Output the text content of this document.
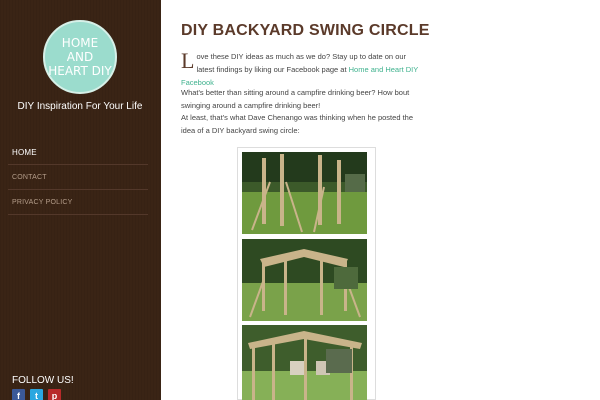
HOME AND HEART DIY
DIY Inspiration For Your Life
HOME
CONTACT
PRIVACY POLICY
FOLLOW US!
f	t	p
DIY BACKYARD SWING CIRCLE
Love these DIY ideas as much as we do? Stay up to date on our latest findings by liking our Facebook page at Home and Heart DIY Facebook

What's better than sitting around a campfire drinking beer? How bout swinging around a campfire drinking beer!

At least, that's what Dave Chenango was thinking when he posted the idea of a DIY backyard swing circle:
